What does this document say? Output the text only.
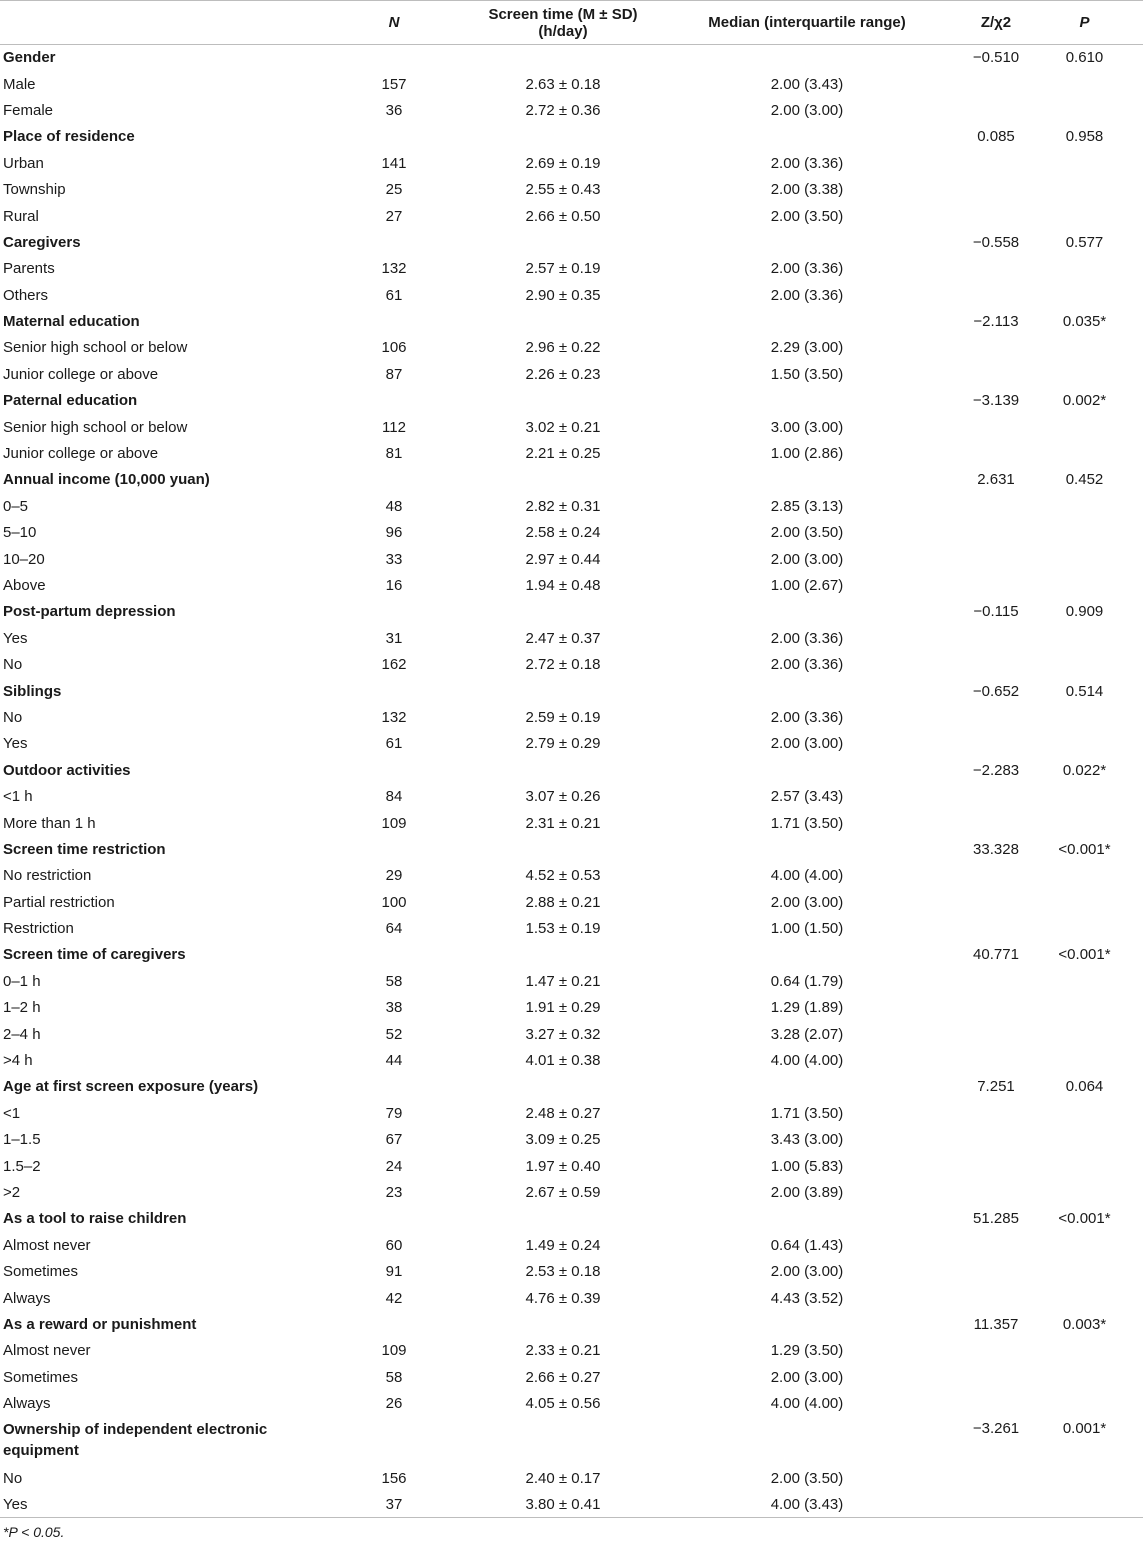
	N	Screen time (M ± SD) (h/day)	Median (interquartile range)	Z/χ2	P
Gender				−0.510	0.610
Male	157	2.63 ± 0.18	2.00 (3.43)		
Female	36	2.72 ± 0.36	2.00 (3.00)		
Place of residence				0.085	0.958
Urban	141	2.69 ± 0.19	2.00 (3.36)		
Township	25	2.55 ± 0.43	2.00 (3.38)		
Rural	27	2.66 ± 0.50	2.00 (3.50)		
Caregivers				−0.558	0.577
Parents	132	2.57 ± 0.19	2.00 (3.36)		
Others	61	2.90 ± 0.35	2.00 (3.36)		
Maternal education				−2.113	0.035*
Senior high school or below	106	2.96 ± 0.22	2.29 (3.00)		
Junior college or above	87	2.26 ± 0.23	1.50 (3.50)		
Paternal education				−3.139	0.002*
Senior high school or below	112	3.02 ± 0.21	3.00 (3.00)		
Junior college or above	81	2.21 ± 0.25	1.00 (2.86)		
Annual income (10,000 yuan)				2.631	0.452
0–5	48	2.82 ± 0.31	2.85 (3.13)		
5–10	96	2.58 ± 0.24	2.00 (3.50)		
10–20	33	2.97 ± 0.44	2.00 (3.00)		
Above	16	1.94 ± 0.48	1.00 (2.67)		
Post-partum depression				−0.115	0.909
Yes	31	2.47 ± 0.37	2.00 (3.36)		
No	162	2.72 ± 0.18	2.00 (3.36)		
Siblings				−0.652	0.514
No	132	2.59 ± 0.19	2.00 (3.36)		
Yes	61	2.79 ± 0.29	2.00 (3.00)		
Outdoor activities				−2.283	0.022*
<1 h	84	3.07 ± 0.26	2.57 (3.43)		
More than 1 h	109	2.31 ± 0.21	1.71 (3.50)		
Screen time restriction				33.328	<0.001*
No restriction	29	4.52 ± 0.53	4.00 (4.00)		
Partial restriction	100	2.88 ± 0.21	2.00 (3.00)		
Restriction	64	1.53 ± 0.19	1.00 (1.50)		
Screen time of caregivers				40.771	<0.001*
0–1 h	58	1.47 ± 0.21	0.64 (1.79)		
1–2 h	38	1.91 ± 0.29	1.29 (1.89)		
2–4 h	52	3.27 ± 0.32	3.28 (2.07)		
>4 h	44	4.01 ± 0.38	4.00 (4.00)		
Age at first screen exposure (years)				7.251	0.064
<1	79	2.48 ± 0.27	1.71 (3.50)		
1–1.5	67	3.09 ± 0.25	3.43 (3.00)		
1.5–2	24	1.97 ± 0.40	1.00 (5.83)		
>2	23	2.67 ± 0.59	2.00 (3.89)		
As a tool to raise children				51.285	<0.001*
Almost never	60	1.49 ± 0.24	0.64 (1.43)		
Sometimes	91	2.53 ± 0.18	2.00 (3.00)		
Always	42	4.76 ± 0.39	4.43 (3.52)		
As a reward or punishment				11.357	0.003*
Almost never	109	2.33 ± 0.21	1.29 (3.50)		
Sometimes	58	2.66 ± 0.27	2.00 (3.00)		
Always	26	4.05 ± 0.56	4.00 (4.00)		
Ownership of independent electronic equipment				−3.261	0.001*
No	156	2.40 ± 0.17	2.00 (3.50)		
Yes	37	3.80 ± 0.41	4.00 (3.43)		
*P < 0.05.
